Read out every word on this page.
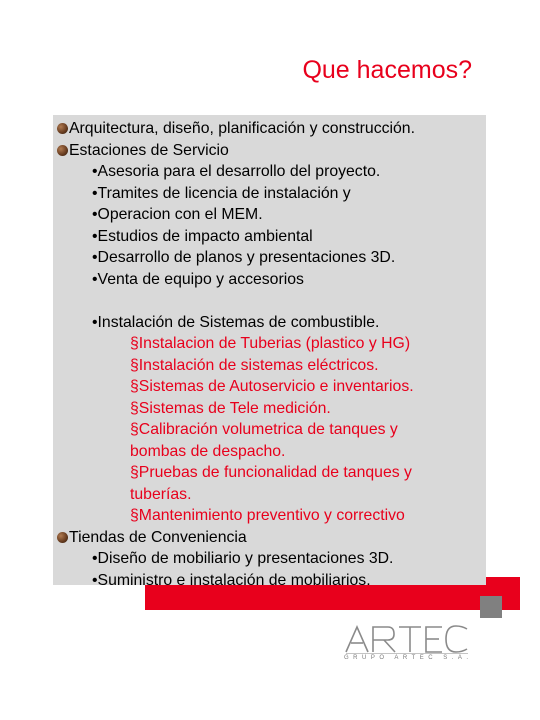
Que hacemos?
Arquitectura, diseño, planificación y construcción.
Estaciones de Servicio
•Asesoria para el desarrollo del proyecto.
•Tramites de licencia de instalación y
•Operacion con el MEM.
•Estudios de impacto ambiental
•Desarrollo de planos y presentaciones 3D.
•Venta de equipo y accesorios
•Instalación de Sistemas de combustible.
§Instalacion de Tuberias (plastico y HG)
§Instalación de sistemas eléctricos.
§Sistemas de Autoservicio e inventarios.
§Sistemas de Tele medición.
§Calibración volumetrica de tanques y
bombas de despacho.
§Pruebas de funcionalidad de tanques y
tuberías.
§Mantenimiento preventivo y correctivo
Tiendas de Conveniencia
•Diseño de mobiliario y presentaciones 3D.
•Suministro e instalación de mobiliarios.
GRUPO ARTEC S.A.
